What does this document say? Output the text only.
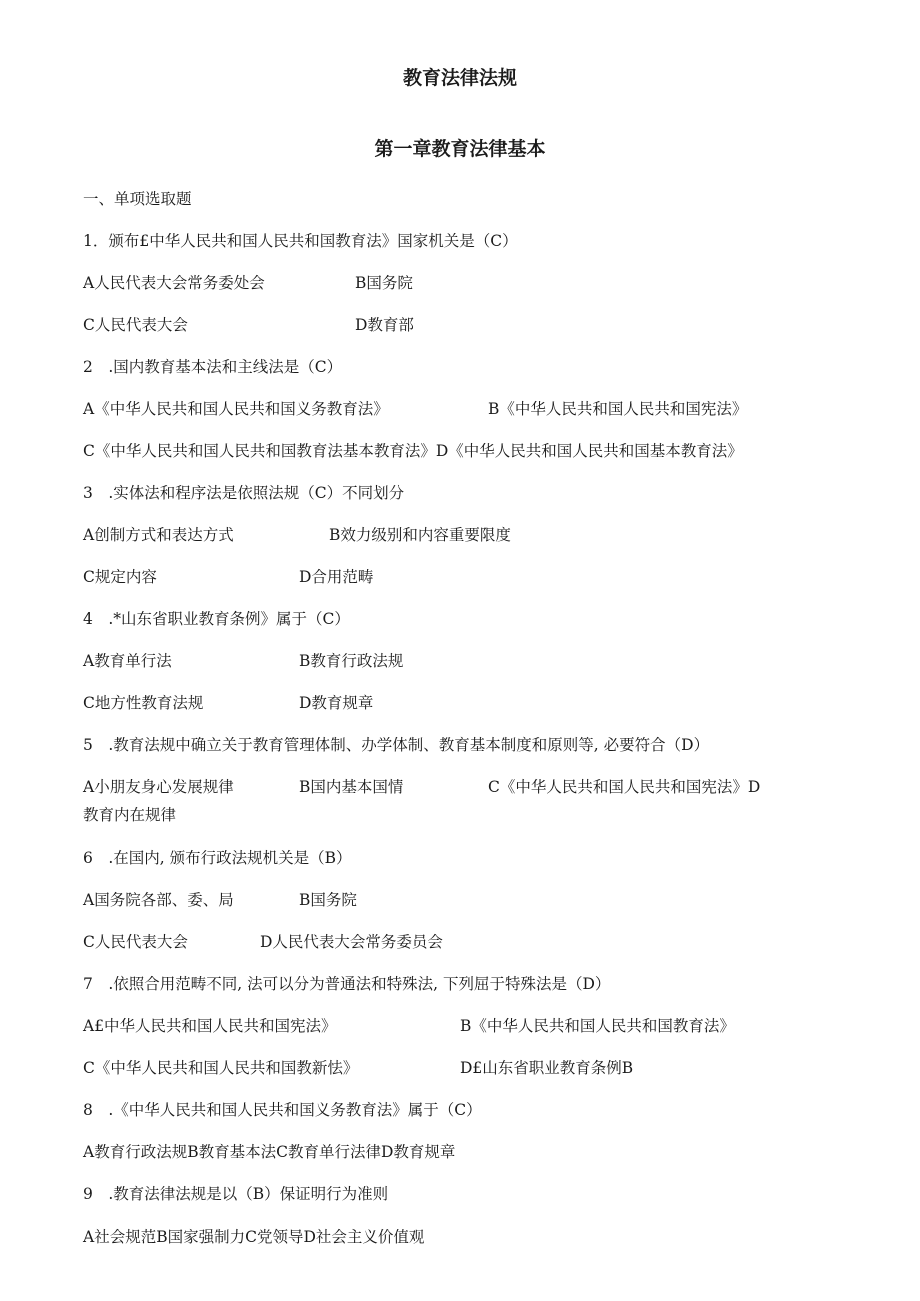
教育法律法规
第一章教育法律基本
一、单项选取题
1．颁布£中华人民共和国人民共和国教育法》国家机关是（C）
A人民代表大会常务委处会	B国务院
C人民代表大会	D教育部
2　.国内教育基本法和主线法是（C）
A《中华人民共和国人民共和国义务教育法》	B《中华人民共和国人民共和国宪法》
C《中华人民共和国人民共和国教育法基本教育法》D《中华人民共和国人民共和国基本教育法》
3　.实体法和程序法是依照法规（C）不同划分
A创制方式和表达方式	B效力级别和内容重要限度
C规定内容	D合用范畴
4　.*山东省职业教育条例》属于（C）
A教育单行法	B教育行政法规
C地方性教育法规	D教育规章
5　.教育法规中确立关于教育管理体制、办学体制、教育基本制度和原则等, 必要符合（D）
A小朋友身心发展规律	B国内基本国情	C《中华人民共和国人民共和国宪法》D
教育内在规律
6　.在国内, 颁布行政法规机关是（B）
A国务院各部、委、局	B国务院
C人民代表大会	D人民代表大会常务委员会
7　.依照合用范畴不同, 法可以分为普通法和特殊法, 下列屈于特殊法是（D）
A£中华人民共和国人民共和国宪法》	B《中华人民共和国人民共和国教育法》
C《中华人民共和国人民共和国教新怯》	D£山东省职业教育条例B
8　.《中华人民共和国人民共和国义务教育法》属于（C）
A教育行政法规B教育基本法C教育单行法律D教育规章
9　.教育法律法规是以（B）保证明行为准则
A社会规范B国家强制力C党领导D社会主义价值观
